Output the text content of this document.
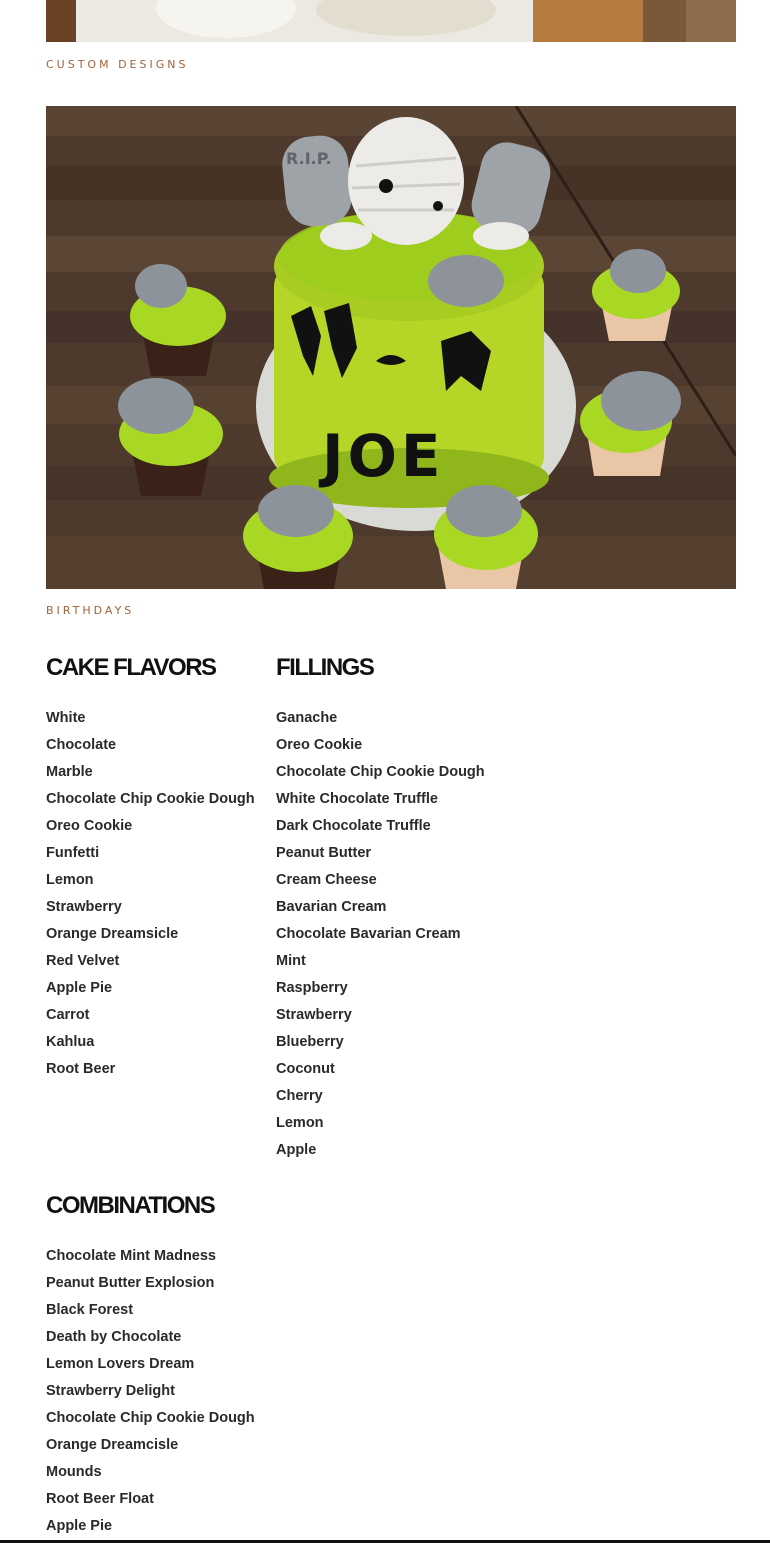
CUSTOM DESIGNS
R.I.P.
JOE
BIRTHDAYS
CAKE FLAVORS
White
Chocolate
Marble
Chocolate Chip Cookie Dough
Oreo Cookie
Funfetti
Lemon
Strawberry
Orange Dreamsicle
Red Velvet
Apple Pie
Carrot
Kahlua
Root Beer
FILLINGS
Ganache
Oreo Cookie
Chocolate Chip Cookie Dough
White Chocolate Truffle
Dark Chocolate Truffle
Peanut Butter
Cream Cheese
Bavarian Cream
Chocolate Bavarian Cream
Mint
Raspberry
Strawberry
Blueberry
Coconut
Cherry
Lemon
Apple
COMBINATIONS
Chocolate Mint Madness
Peanut Butter Explosion
Black Forest
Death by Chocolate
Lemon Lovers Dream
Strawberry Delight
Chocolate Chip Cookie Dough
Orange Dreamcisle
Mounds
Root Beer Float
Apple Pie
